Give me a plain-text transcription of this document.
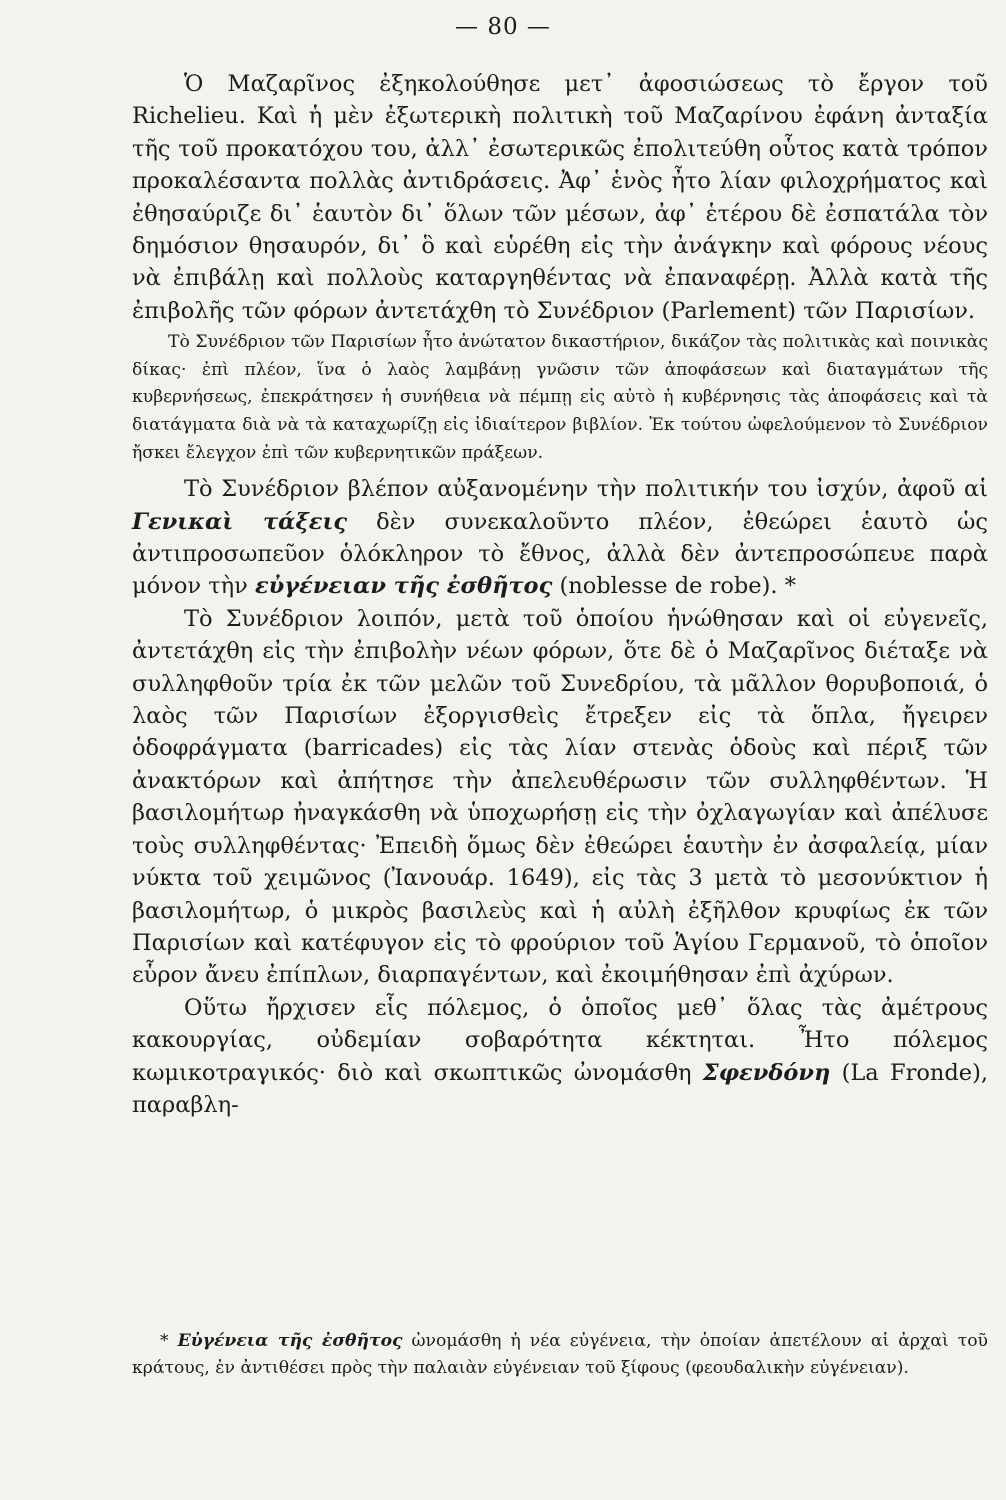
— 80 —

Ὁ Μαζαρῖνος ἐξηκολούθησε μετ᾽ ἀφοσιώσεως τὸ ἔργον τοῦ Richelieu. Καὶ ἡ μὲν ἐξωτερικὴ πολιτικὴ τοῦ Μαζαρίνου ἐφάνη ἀνταξία τῆς τοῦ προκατόχου του, ἀλλ᾽ ἐσωτερικῶς ἐπολιτεύθη οὗτος κατὰ τρόπον προκαλέσαντα πολλὰς ἀντιδράσεις. Ἀφ᾽ ἑνὸς ἦτο λίαν φιλοχρήματος καὶ ἐθησαύριζε δι᾽ ἑαυτὸν δι᾽ ὅλων τῶν μέσων, ἀφ᾽ ἑτέρου δὲ ἐσπατάλα τὸν δημόσιον θησαυρόν, δι᾽ ὃ καὶ εὑρέθη εἰς τὴν ἀνάγκην καὶ φόρους νέους νὰ ἐπιβάλῃ καὶ πολλοὺς καταργηθέντας νὰ ἐπαναφέρῃ. Ἀλλὰ κατὰ τῆς ἐπιβολῆς τῶν φόρων ἀντετάχθη τὸ Συνέδριον (Parlement) τῶν Παρισίων.

Τὸ Συνέδριον τῶν Παρισίων ἦτο ἀνώτατον δικαστήριον, δικάζον τὰς πολιτικὰς καὶ ποινικὰς δίκας· ἐπὶ πλέον, ἵνα ὁ λαὸς λαμβάνῃ γνῶσιν τῶν ἀποφάσεων καὶ διαταγμάτων τῆς κυβερνήσεως, ἐπεκράτησεν ἡ συνήθεια νὰ πέμπῃ εἰς αὐτὸ ἡ κυβέρνησις τὰς ἀποφάσεις καὶ τὰ διατάγματα διὰ νὰ τὰ καταχωρίζῃ εἰς ἰδιαίτερον βιβλίον. Ἐκ τούτου ὠφελούμενον τὸ Συνέδριον ἤσκει ἔλεγχον ἐπὶ τῶν κυβερνητικῶν πράξεων.

Τὸ Συνέδριον βλέπον αὐξανομένην τὴν πολιτικήν του ἰσχύν, ἀφοῦ αἱ Γενικαὶ τάξεις δὲν συνεκαλοῦντο πλέον, ἐθεώρει ἑαυτὸ ὡς ἀντιπροσωπεῦον ὁλόκληρον τὸ ἔθνος, ἀλλὰ δὲν ἀντεπροσώπευε παρὰ μόνον τὴν εὐγένειαν τῆς ἐσθῆτος (noblesse de robe). *

Τὸ Συνέδριον λοιπόν, μετὰ τοῦ ὁποίου ἡνώθησαν καὶ οἱ εὐγενεῖς, ἀντετάχθη εἰς τὴν ἐπιβολὴν νέων φόρων, ὅτε δὲ ὁ Μαζαρῖνος διέταξε νὰ συλληφθοῦν τρία ἐκ τῶν μελῶν τοῦ Συνεδρίου, τὰ μᾶλλον θορυβοποιά, ὁ λαὸς τῶν Παρισίων ἐξοργισθεὶς ἔτρεξεν εἰς τὰ ὅπλα, ἤγειρεν ὁδοφράγματα (barricades) εἰς τὰς λίαν στενὰς ὁδοὺς καὶ πέριξ τῶν ἀνακτόρων καὶ ἀπήτησε τὴν ἀπελευθέρωσιν τῶν συλληφθέντων. Ἡ βασιλομήτωρ ἠναγκάσθη νὰ ὑποχωρήσῃ εἰς τὴν ὀχλαγωγίαν καὶ ἀπέλυσε τοὺς συλληφθέντας· Ἐπειδὴ ὅμως δὲν ἐθεώρει ἑαυτὴν ἐν ἀσφαλείᾳ, μίαν νύκτα τοῦ χειμῶνος (Ἰανουάρ. 1649), εἰς τὰς 3 μετὰ τὸ μεσονύκτιον ἡ βασιλομήτωρ, ὁ μικρὸς βασιλεὺς καὶ ἡ αὐλὴ ἐξῆλθον κρυφίως ἐκ τῶν Παρισίων καὶ κατέφυγον εἰς τὸ φρούριον τοῦ Ἁγίου Γερμανοῦ, τὸ ὁποῖον εὗρον ἄνευ ἐπίπλων, διαρπαγέντων, καὶ ἐκοιμήθησαν ἐπὶ ἀχύρων.

Οὕτω ἤρχισεν εἷς πόλεμος, ὁ ὁποῖος μεθ᾽ ὅλας τὰς ἀμέτρους κακουργίας, οὐδεμίαν σοβαρότητα κέκτηται. Ἦτο πόλεμος κωμικοτραγικός· διὸ καὶ σκωπτικῶς ὠνομάσθη Σφενδόνη (La Fronde), παραβλη-

* Εὐγένεια τῆς ἐσθῆτος ὠνομάσθη ἡ νέα εὐγένεια, τὴν ὁποίαν ἀπετέλουν αἱ ἀρχαὶ τοῦ κράτους, ἐν ἀντιθέσει πρὸς τὴν παλαιὰν εὐγένειαν τοῦ ξίφους (φεουδαλικὴν εὐγένειαν).
